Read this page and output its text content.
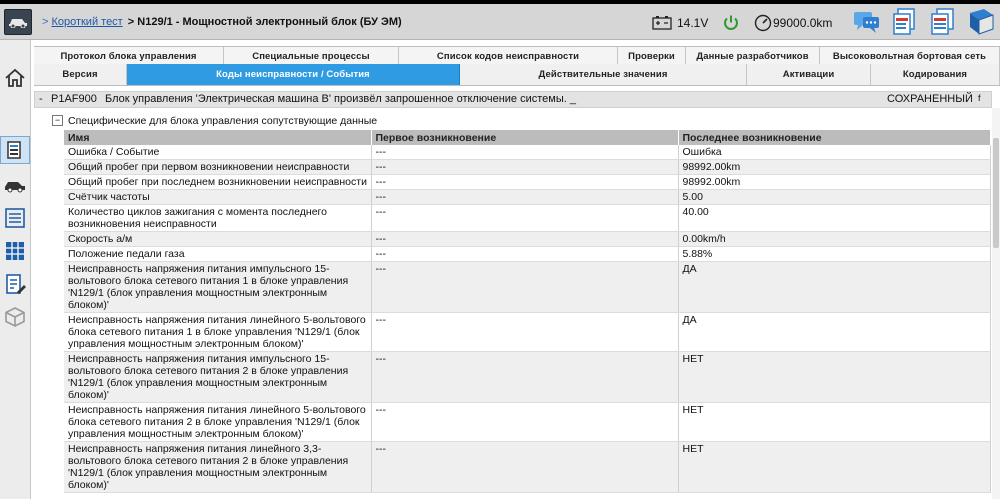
> Короткий тест > N129/1 - Мощностной электронный блок (БУ ЭМ)	14.1V	99000.0km
Протокол блока управления	Специальные процессы	Список кодов неисправности	Проверки	Данные разработчиков	Высоковольтная бортовая сеть
Версия	Коды неисправности / События	Действительные значения	Активации	Кодирования
- P1AF900 Блок управления 'Электрическая машина B' произвёл запрошенное отключение системы. _	СОХРАНЕННЫЙ f
− Специфические для блока управления сопутствующие данные
Имя	Первое возникновение	Последнее возникновение
Ошибка / Событие	---	Ошибка
Общий пробег при первом возникновении неисправности	---	98992.00km
Общий пробег при последнем возникновении неисправности	---	98992.00km
Счётчик частоты	---	5.00
Количество циклов зажигания с момента последнего возникновения неисправности	---	40.00
Скорость а/м	---	0.00km/h
Положение педали газа	---	5.88%
Неисправность напряжения питания импульсного 15-вольтового блока сетевого питания 1 в блоке управления 'N129/1 (блок управления мощностным электронным блоком)'	---	ДА
Неисправность напряжения питания линейного 5-вольтового блока сетевого питания 1 в блоке управления 'N129/1 (блок управления мощностным электронным блоком)'	---	ДА
Неисправность напряжения питания импульсного 15-вольтового блока сетевого питания 2 в блоке управления 'N129/1 (блок управления мощностным электронным блоком)'	---	НЕТ
Неисправность напряжения питания линейного 5-вольтового блока сетевого питания 2 в блоке управления 'N129/1 (блок управления мощностным электронным блоком)'	---	НЕТ
Неисправность напряжения питания линейного 3,3-вольтового блока сетевого питания 2 в блоке управления 'N129/1 (блок управления мощностным электронным блоком)'	---	НЕТ
